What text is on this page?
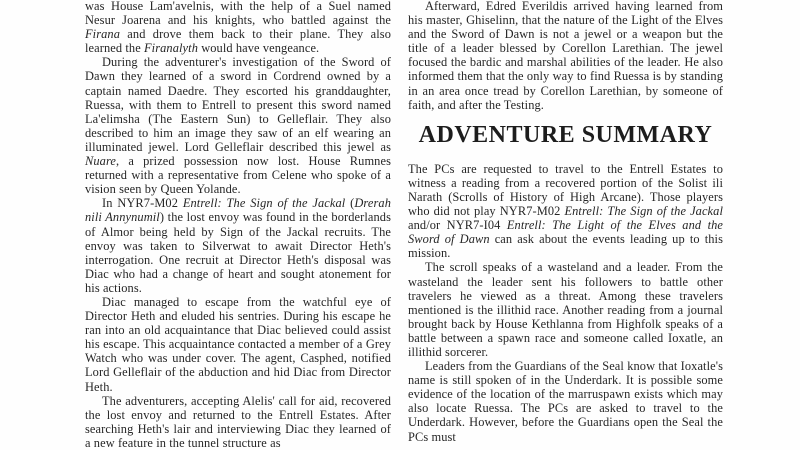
was House Lam'avelnis, with the help of a Suel named Nesur Joarena and his knights, who battled against the Firana and drove them back to their plane. They also learned the Firanalyth would have vengeance.

During the adventurer's investigation of the Sword of Dawn they learned of a sword in Cordrend owned by a captain named Daedre. They escorted his granddaughter, Ruessa, with them to Entrell to present this sword named La'elimsha (The Eastern Sun) to Gelleflair. They also described to him an image they saw of an elf wearing an illuminated jewel. Lord Gelleflair described this jewel as Nuare, a prized possession now lost. House Rumnes returned with a representative from Celene who spoke of a vision seen by Queen Yolande.

In NYR7-M02 Entrell: The Sign of the Jackal (Drerah nili Annynumil) the lost envoy was found in the borderlands of Almor being held by Sign of the Jackal recruits. The envoy was taken to Silverwat to await Director Heth's interrogation. One recruit at Director Heth's disposal was Diac who had a change of heart and sought atonement for his actions.

Diac managed to escape from the watchful eye of Director Heth and eluded his sentries. During his escape he ran into an old acquaintance that Diac believed could assist his escape. This acquaintance contacted a member of a Grey Watch who was under cover. The agent, Casphed, notified Lord Gelleflair of the abduction and hid Diac from Director Heth.

The adventurers, accepting Alelis' call for aid, recovered the lost envoy and returned to the Entrell Estates. After searching Heth's lair and interviewing Diac they learned of a new feature in the tunnel structure as

Afterward, Edred Everildis arrived having learned from his master, Ghiselinn, that the nature of the Light of the Elves and the Sword of Dawn is not a jewel or a weapon but the title of a leader blessed by Corellon Larethian. The jewel focused the bardic and marshal abilities of the leader. He also informed them that the only way to find Ruessa is by standing in an area once tread by Corellon Larethian, by someone of faith, and after the Testing.

ADVENTURE SUMMARY

The PCs are requested to travel to the Entrell Estates to witness a reading from a recovered portion of the Solist ili Narath (Scrolls of History of High Arcane). Those players who did not play NYR7-M02 Entrell: The Sign of the Jackal and/or NYR7-I04 Entrell: The Light of the Elves and the Sword of Dawn can ask about the events leading up to this mission.

The scroll speaks of a wasteland and a leader. From the wasteland the leader sent his followers to battle other travelers he viewed as a threat. Among these travelers mentioned is the illithid race. Another reading from a journal brought back by House Kethlanna from Highfolk speaks of a battle between a spawn race and someone called Ioxatle, an illithid sorcerer.

Leaders from the Guardians of the Seal know that Ioxatle's name is still spoken of in the Underdark. It is possible some evidence of the location of the marruspawn exists which may also locate Ruessa. The PCs are asked to travel to the Underdark. However, before the Guardians open the Seal the PCs must
